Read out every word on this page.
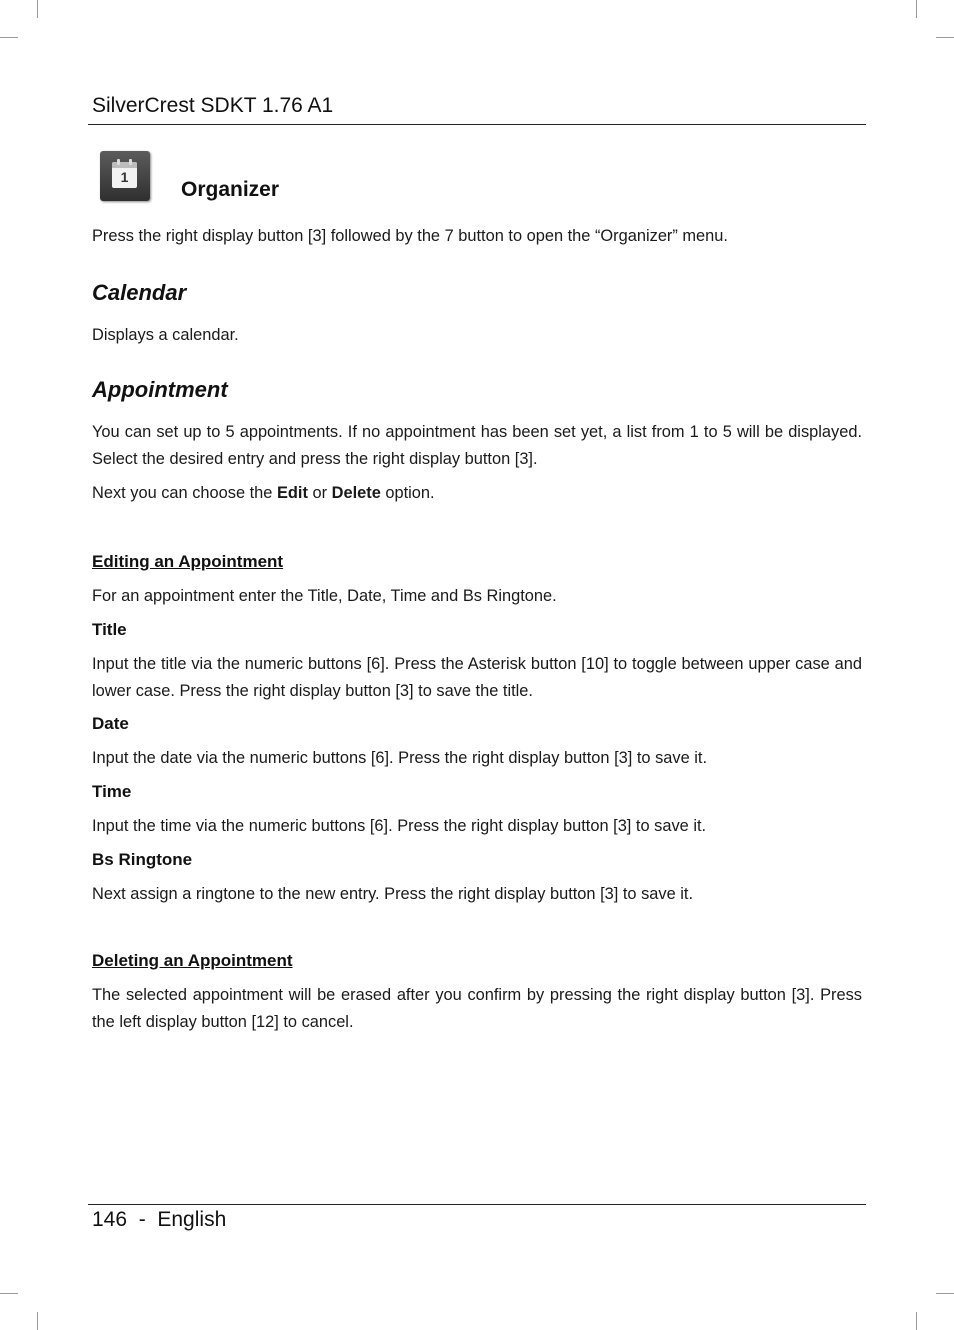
SilverCrest SDKT 1.76 A1
1
Organizer
Press the right display button [3] followed by the 7 button to open the “Organizer” menu.
Calendar
Displays a calendar.
Appointment
You can set up to 5 appointments. If no appointment has been set yet, a list from 1 to 5 will be displayed. Select the desired entry and press the right display button [3].
Next you can choose the Edit or Delete option.
Editing an Appointment
For an appointment enter the Title, Date, Time and Bs Ringtone.
Title
Input the title via the numeric buttons [6]. Press the Asterisk button [10] to toggle between upper case and lower case. Press the right display button [3] to save the title.
Date
Input the date via the numeric buttons [6]. Press the right display button [3] to save it.
Time
Input the time via the numeric buttons [6]. Press the right display button [3] to save it.
Bs Ringtone
Next assign a ringtone to the new entry. Press the right display button [3] to save it.
Deleting an Appointment
The selected appointment will be erased after you confirm by pressing the right display button [3]. Press the left display button [12] to cancel.
146  -  English
